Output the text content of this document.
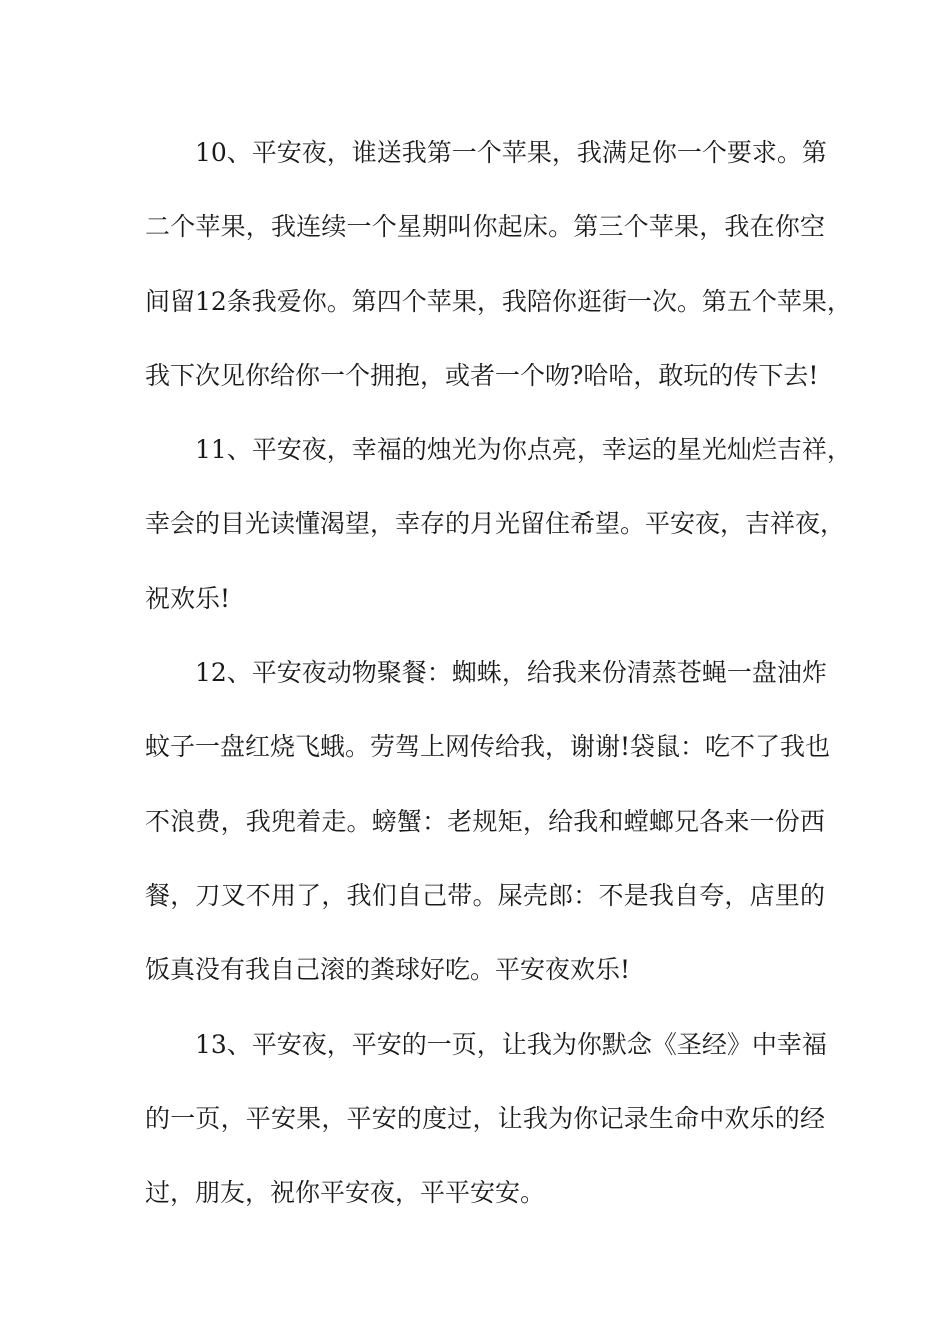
10、平安夜，谁送我第一个苹果，我满足你一个要求。第
二个苹果，我连续一个星期叫你起床。第三个苹果，我在你空
间留12条我爱你。第四个苹果，我陪你逛街一次。第五个苹果，
我下次见你给你一个拥抱，或者一个吻?哈哈，敢玩的传下去!
11、平安夜，幸福的烛光为你点亮，幸运的星光灿烂吉祥，
幸会的目光读懂渴望，幸存的月光留住希望。平安夜，吉祥夜，
祝欢乐!
12、平安夜动物聚餐：蜘蛛，给我来份清蒸苍蝇一盘油炸
蚊子一盘红烧飞蛾。劳驾上网传给我，谢谢!袋鼠：吃不了我也
不浪费，我兜着走。螃蟹：老规矩，给我和螳螂兄各来一份西
餐，刀叉不用了，我们自己带。屎壳郎：不是我自夸，店里的
饭真没有我自己滚的粪球好吃。平安夜欢乐!
13、平安夜，平安的一页，让我为你默念《圣经》中幸福
的一页，平安果，平安的度过，让我为你记录生命中欢乐的经
过，朋友，祝你平安夜，平平安安。
